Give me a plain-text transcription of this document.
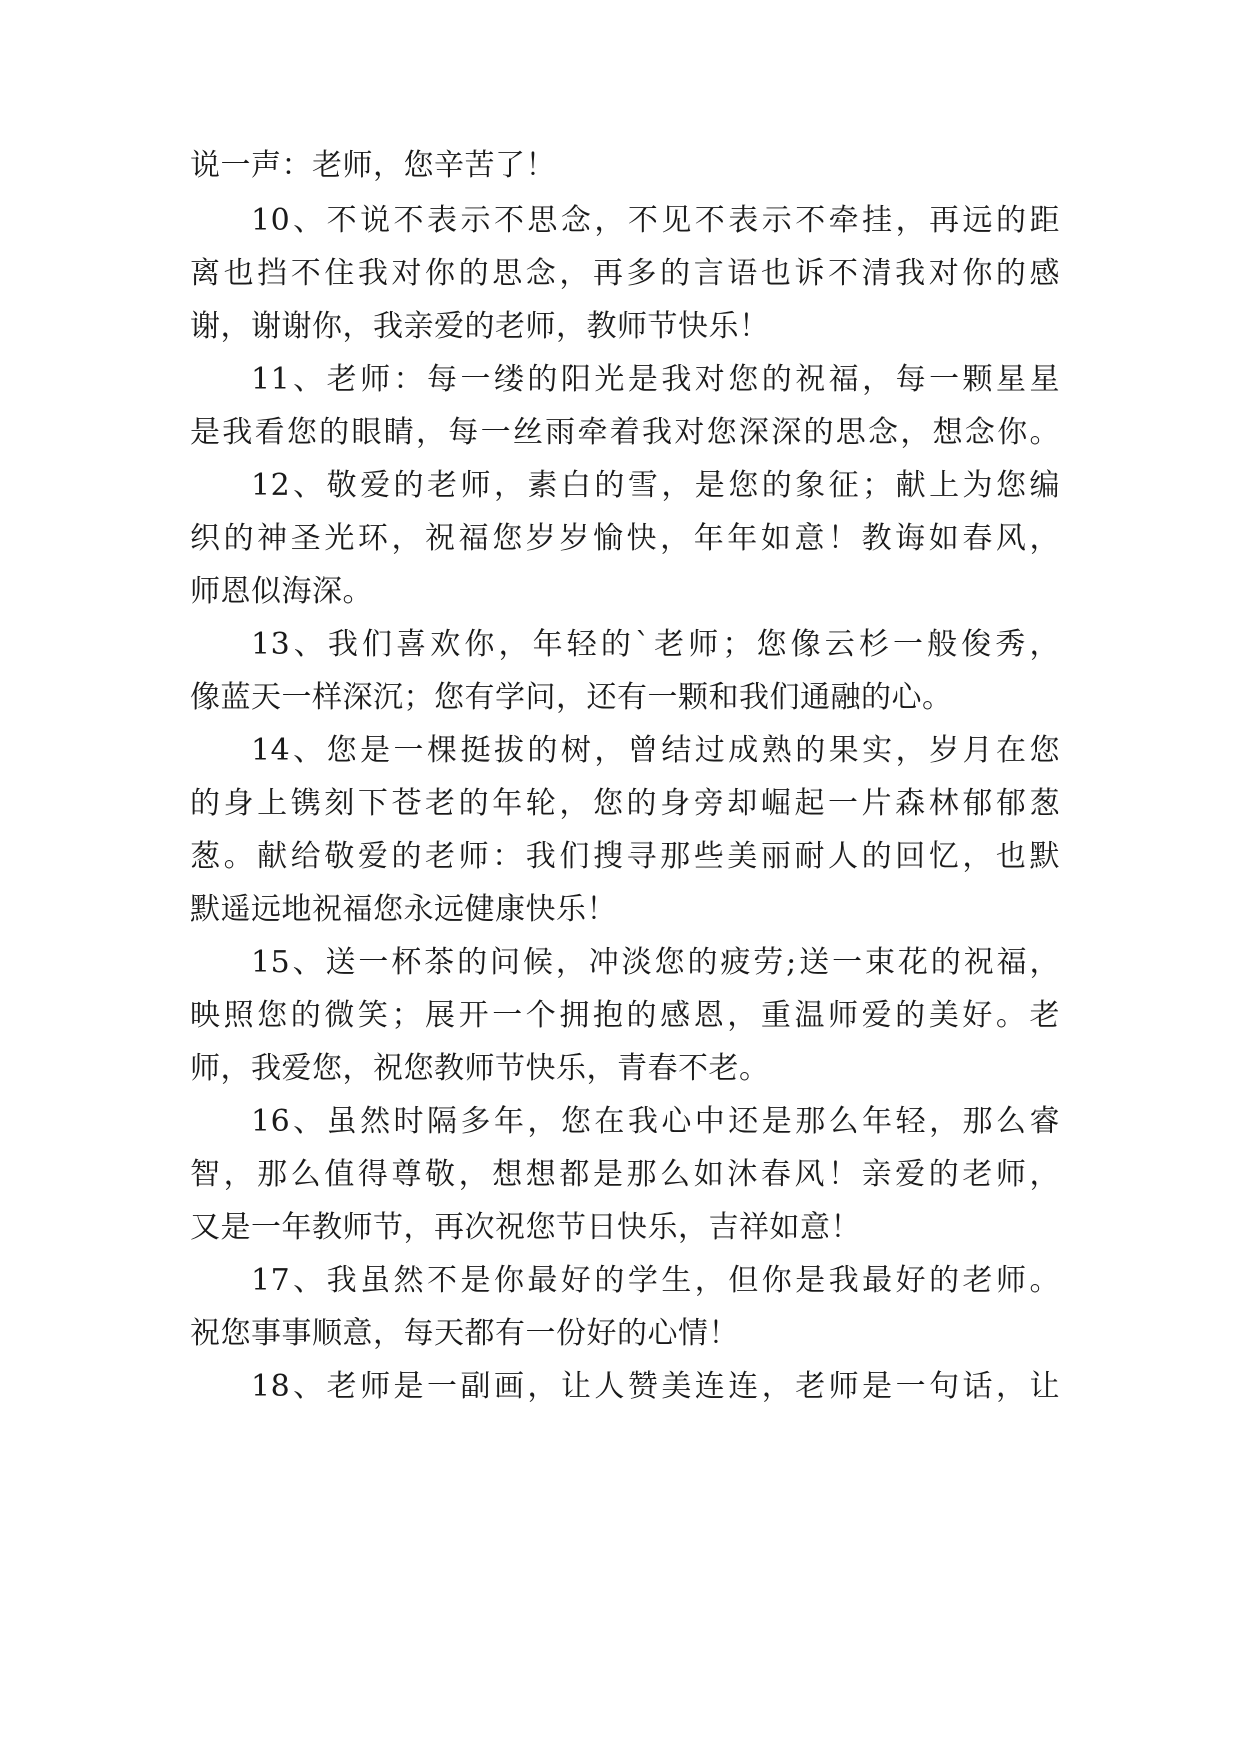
说一声：老师，您辛苦了！
10、不说不表示不思念，不见不表示不牵挂，再远的距
离也挡不住我对你的思念，再多的言语也诉不清我对你的感
谢，谢谢你，我亲爱的老师，教师节快乐！
11、老师：每一缕的阳光是我对您的祝福，每一颗星星
是我看您的眼睛，每一丝雨牵着我对您深深的思念，想念你。
12、敬爱的老师，素白的雪，是您的象征；献上为您编
织的神圣光环，祝福您岁岁愉快，年年如意！教诲如春风，
师恩似海深。
13、我们喜欢你，年轻的`老师；您像云杉一般俊秀，
像蓝天一样深沉；您有学问，还有一颗和我们通融的心。
14、您是一棵挺拔的树，曾结过成熟的果实，岁月在您
的身上镌刻下苍老的年轮，您的身旁却崛起一片森林郁郁葱
葱。献给敬爱的老师：我们搜寻那些美丽耐人的回忆，也默
默遥远地祝福您永远健康快乐！
15、送一杯茶的问候，冲淡您的疲劳;送一束花的祝福，
映照您的微笑；展开一个拥抱的感恩，重温师爱的美好。老
师，我爱您，祝您教师节快乐，青春不老。
16、虽然时隔多年，您在我心中还是那么年轻，那么睿
智，那么值得尊敬，想想都是那么如沐春风！亲爱的老师，
又是一年教师节，再次祝您节日快乐，吉祥如意！
17、我虽然不是你最好的学生，但你是我最好的老师。
祝您事事顺意，每天都有一份好的心情！
18、老师是一副画，让人赞美连连，老师是一句话，让
